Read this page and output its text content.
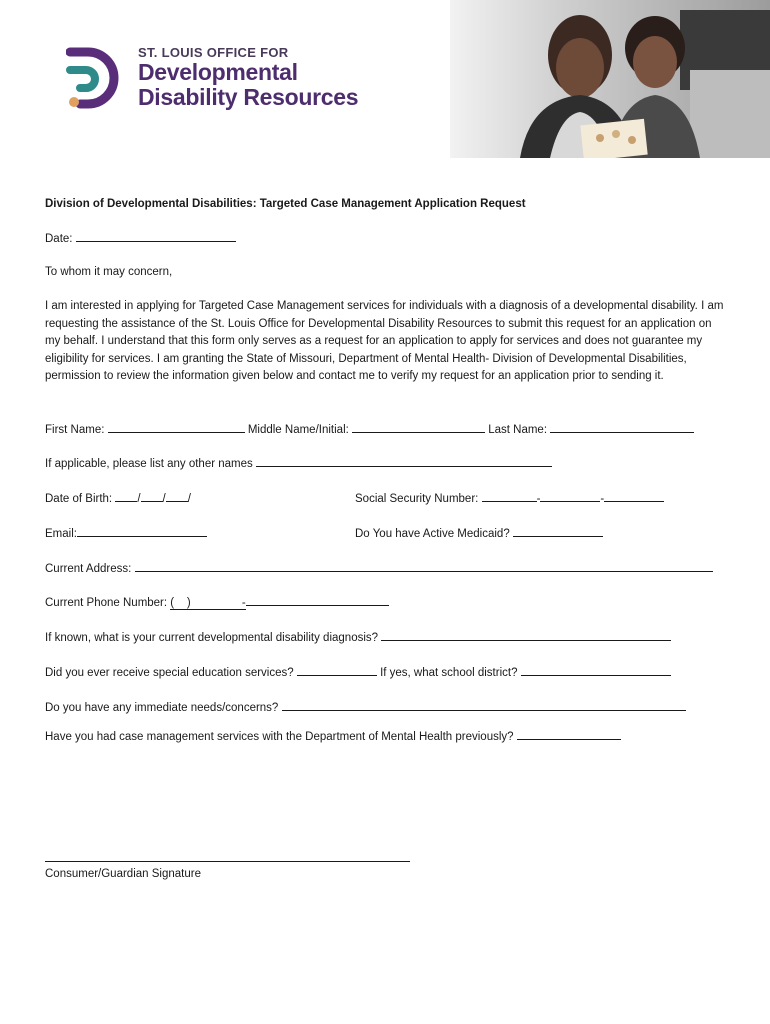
ST. LOUIS OFFICE FOR
Developmental
Disability Resources
Division of Developmental Disabilities: Targeted Case Management Application Request
Date:
To whom it may concern,
I am interested in applying for Targeted Case Management services for individuals with a diagnosis of a developmental disability. I am requesting the assistance of the St. Louis Office for Developmental Disability Resources to submit this request for an application on my behalf. I understand that this form only serves as a request for an application to apply for services and does not guarantee my eligibility for services. I am granting the State of Missouri, Department of Mental Health- Division of Developmental Disabilities, permission to review the information given below and contact me to verify my request for an application prior to sending it.
First Name:	Middle Name/Initial:	Last Name:
If applicable, please list any other names
Date of Birth: / / /	Social Security Number:	-	-
Email:	Do You have Active Medicaid?
Current Address:
Current Phone Number: ( )	-
If known, what is your current developmental disability diagnosis?
Did you ever receive special education services?	If yes, what school district?
Do you have any immediate needs/concerns?
Have you had case management services with the Department of Mental Health previously?
Consumer/Guardian Signature
